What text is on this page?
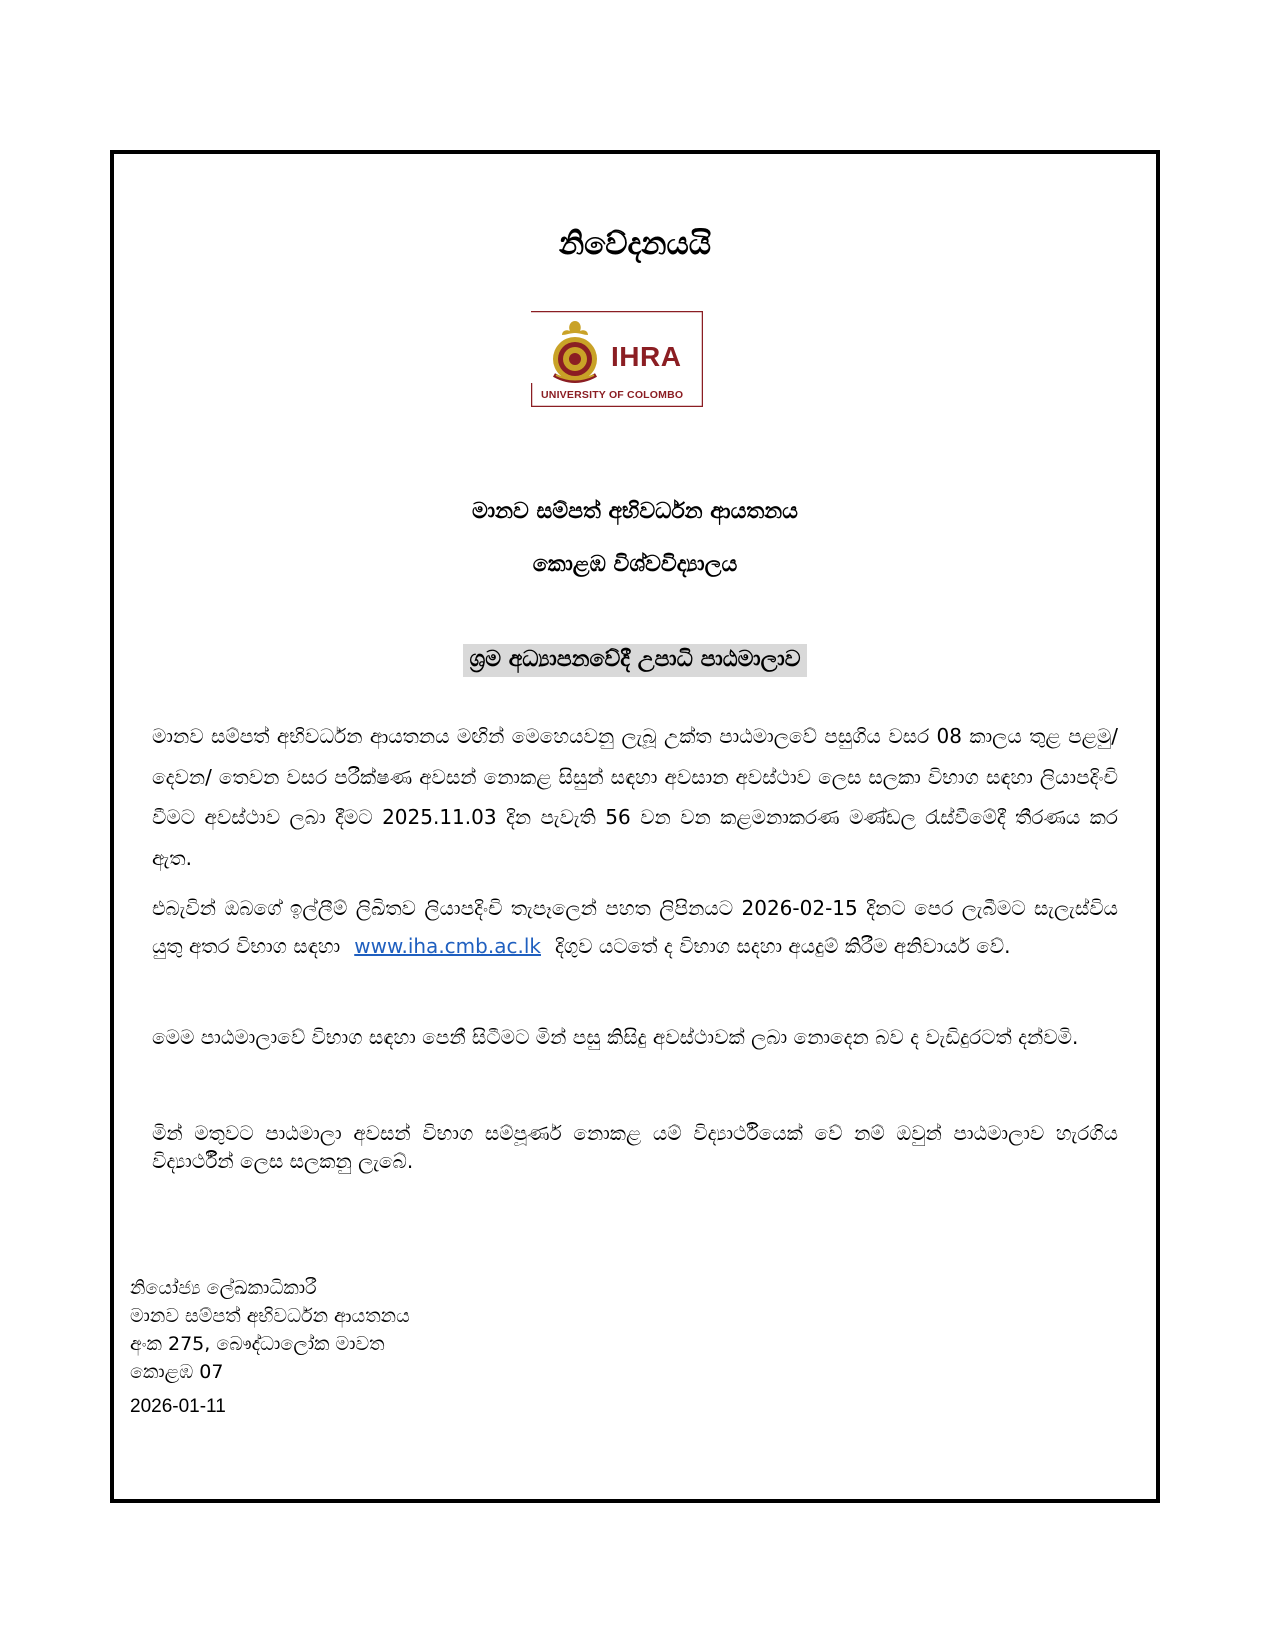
නිවේදනයයි
IHRA
UNIVERSITY OF COLOMBO
මානව සම්පත් අභිවර්ධන ආයතනය
කොළඹ විශ්වවිද්‍යාලය
ශ්‍රම අධ්‍යාපනවේදී උපාධි පාඨමාලාව

මානව සම්පත් අභිවර්ධන ආයතනය මඟින් මෙහෙයවනු ලැබූ උක්ත පාඨමාලවේ පසුගිය වසර 08 කාලය තුළ පළමු/ දෙවන/ තෙවන වසර පරීක්ෂණ අවසන් නොකළ සිසුන් සඳහා අවසාන අවස්ථාව ලෙස සලකා විභාග සඳහා ලියාපදිංචි වීමට අවස්ථාව ලබා දීමට 2025.11.03 දින පැවැති 56 වන වන කළමනාකරණ මණ්ඩල රැස්වීමේදී තීරණය කර ඇත.

එබැවින් ඔබගේ ඉල්ලීම් ලිඛිතව ලියාපදිංචි තැපෑලෙන් පහත ලිපිනයට 2026-02-15 දිනට පෙර ලැබීමට සැලැස්විය යුතු අතර විභාග සඳහා www.iha.cmb.ac.lk දිගුව යටතේ ද විභාග සදහා අයදුම් කිරීම අනිවාර්ය වේ.

මෙම පාඨමාලාවේ විභාග සඳහා පෙනී සිටීමට මින් පසු කිසිදු අවස්ථාවක් ලබා නොදෙන බව ද වැඩිදුරටත් දන්වමි.

මින් මතුවට පාඨමාලා අවසන් විභාග සම්පූර්ණ නොකළ යම් විද්‍යාර්ථියෙක් වේ නම් ඔවුන් පාඨමාලාව හැරගිය විද්‍යාර්ථීන් ලෙස සලකනු ලැබේ.

නියෝජ්‍ය ලේඛකාධිකාරී
මානව සම්පත් අභිවර්ධන ආයතනය
අංක 275, බෞද්ධාලෝක මාවත
කොළඹ 07
2026-01-11
